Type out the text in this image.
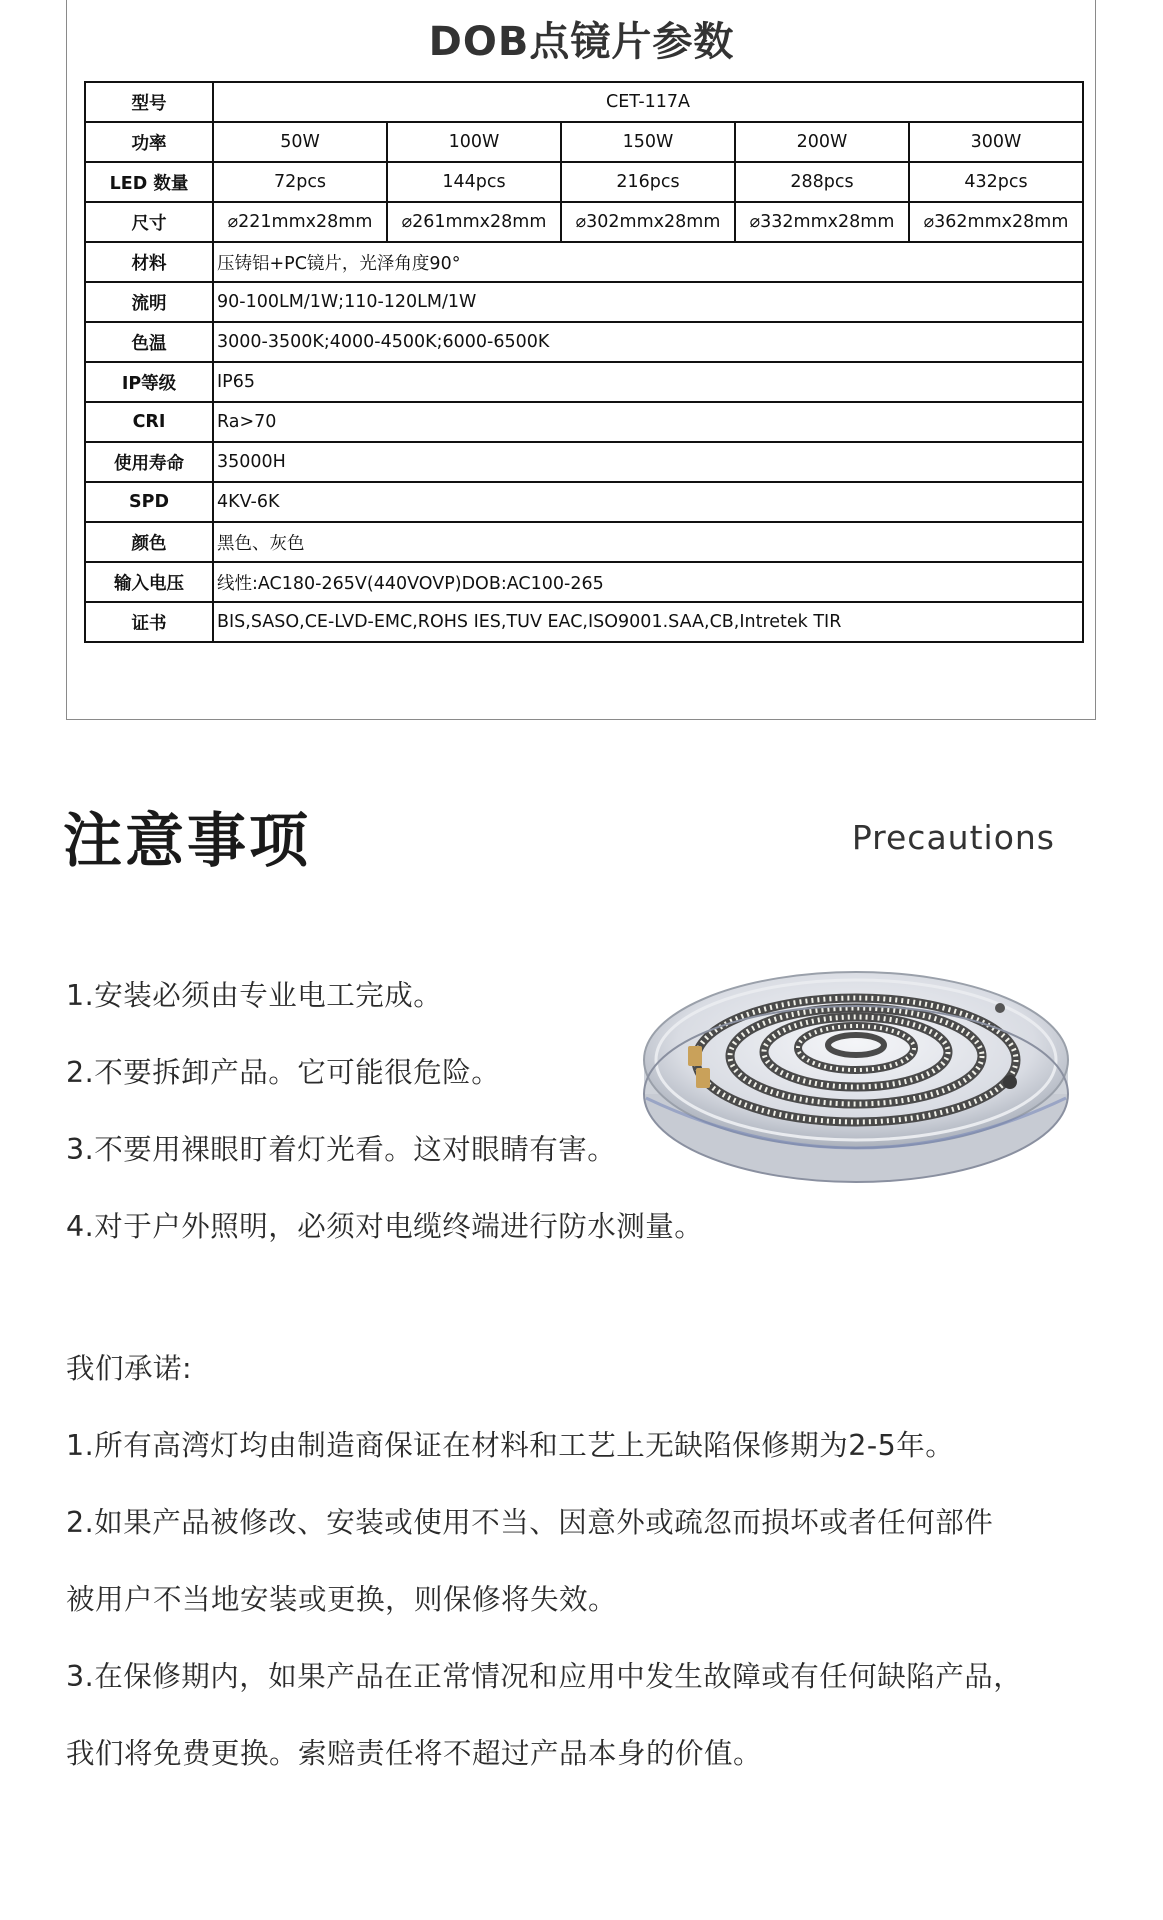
DOB点镜片参数
型号	CET-117A				
功率	50W	100W	150W	200W	300W
LED 数量	72pcs	144pcs	216pcs	288pcs	432pcs
尺寸	⌀221mmx28mm	⌀261mmx28mm	⌀302mmx28mm	⌀332mmx28mm	⌀362mmx28mm
材料	压铸铝+PC镜片，光泽角度90°				
流明	90-100LM/1W;110-120LM/1W				
色温	3000-3500K;4000-4500K;6000-6500K				
IP等级	IP65				
CRI	Ra>70				
使用寿命	35000H				
SPD	4KV-6K				
颜色	黑色、灰色				
输入电压	线性:AC180-265V(440VOVP)DOB:AC100-265				
证书	BIS,SASO,CE-LVD-EMC,ROHS IES,TUV EAC,ISO9001.SAA,CB,Intretek TIR				
注意事项	Precautions
1.安装必须由专业电工完成。
2.不要拆卸产品。它可能很危险。
3.不要用裸眼盯着灯光看。这对眼睛有害。
4.对于户外照明，必须对电缆终端进行防水测量。
我们承诺:
1.所有高湾灯均由制造商保证在材料和工艺上无缺陷保修期为2-5年。
2.如果产品被修改、安装或使用不当、因意外或疏忽而损坏或者任何部件
被用户不当地安装或更换，则保修将失效。
3.在保修期内，如果产品在正常情况和应用中发生故障或有任何缺陷产品，
我们将免费更换。索赔责任将不超过产品本身的价值。
